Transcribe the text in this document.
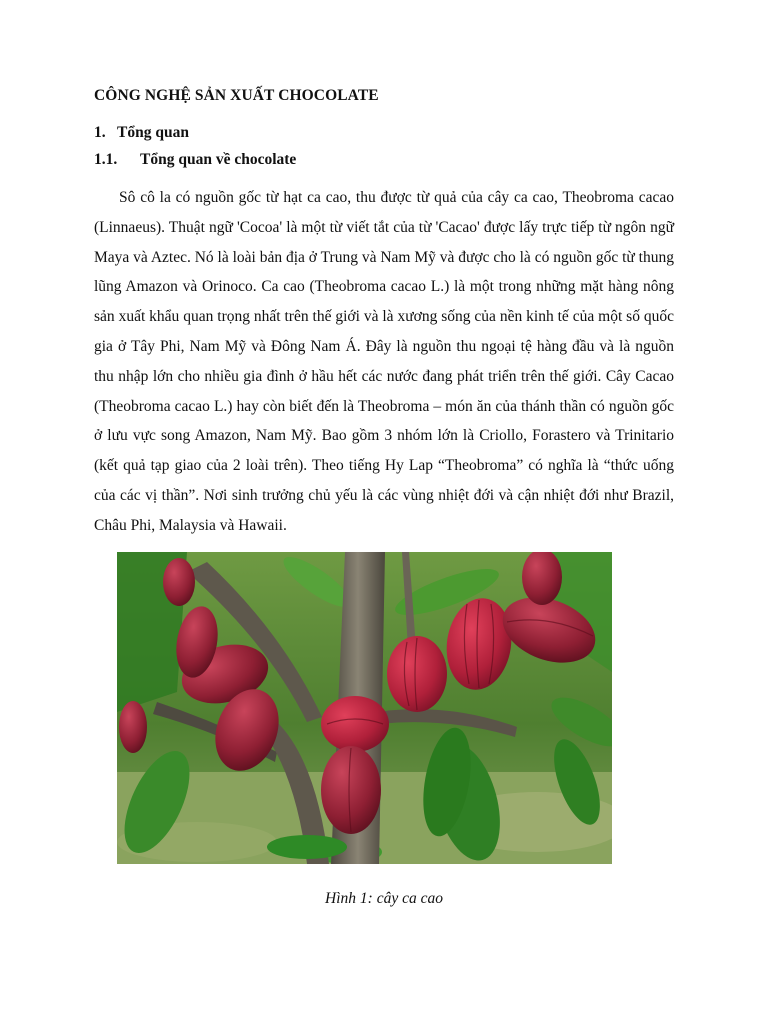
CÔNG NGHỆ SẢN XUẤT CHOCOLATE
1. Tổng quan
1.1. Tổng quan về chocolate

Sô cô la có nguồn gốc từ hạt ca cao, thu được từ quả của cây ca cao, Theobroma cacao (Linnaeus). Thuật ngữ 'Cocoa' là một từ viết tắt của từ 'Cacao' được lấy trực tiếp từ ngôn ngữ Maya và Aztec. Nó là loài bản địa ở Trung và Nam Mỹ và được cho là có nguồn gốc từ thung lũng Amazon và Orinoco. Ca cao (Theobroma cacao L.) là một trong những mặt hàng nông sản xuất khẩu quan trọng nhất trên thế giới và là xương sống của nền kinh tế của một số quốc gia ở Tây Phi, Nam Mỹ và Đông Nam Á. Đây là nguồn thu ngoại tệ hàng đầu và là nguồn thu nhập lớn cho nhiều gia đình ở hầu hết các nước đang phát triển trên thế giới. Cây Cacao (Theobroma cacao L.) hay còn biết đến là Theobroma – món ăn của thánh thần có nguồn gốc ở lưu vực song Amazon, Nam Mỹ. Bao gồm 3 nhóm lớn là Criollo, Forastero và Trinitario (kết quả tạp giao của 2 loài trên). Theo tiếng Hy Lap “Theobroma” có nghĩa là “thức uống của các vị thần”. Nơi sinh trưởng chủ yếu là các vùng nhiệt đới và cận nhiệt đới như Brazil, Châu Phi, Malaysia và Hawaii.

Hình 1: cây ca cao
